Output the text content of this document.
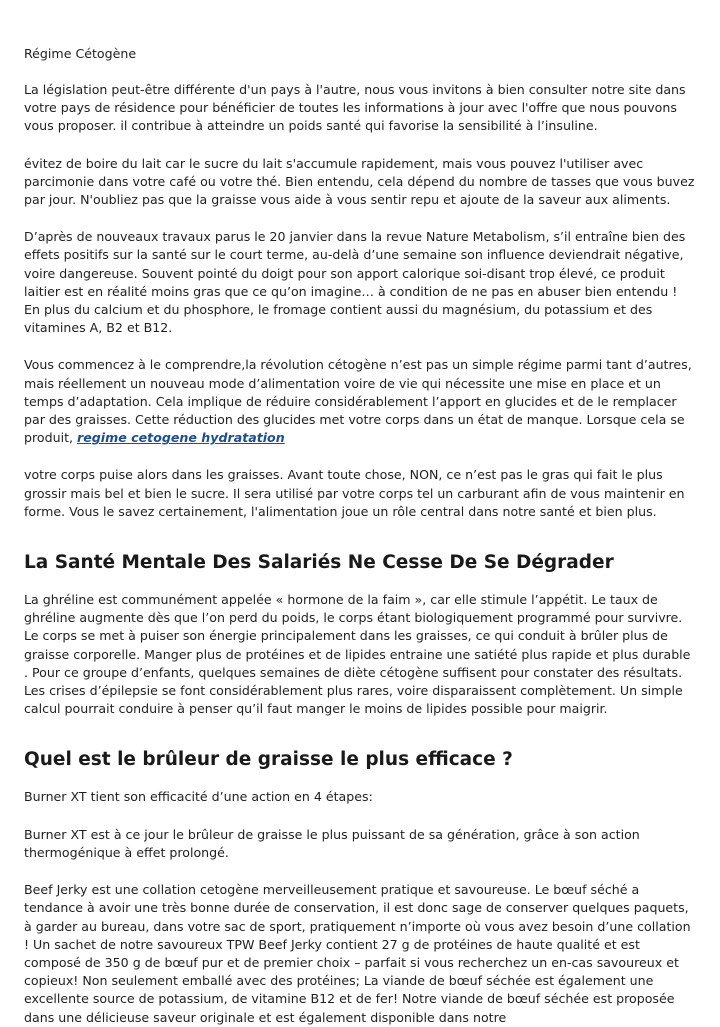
Régime Cétogène

La législation peut-être différente d'un pays à l'autre, nous vous invitons à bien consulter notre site dans votre pays de résidence pour bénéficier de toutes les informations à jour avec l'offre que nous pouvons vous proposer. il contribue à atteindre un poids santé qui favorise la sensibilité à l’insuline.

évitez de boire du lait car le sucre du lait s'accumule rapidement, mais vous pouvez l'utiliser avec parcimonie dans votre café ou votre thé. Bien entendu, cela dépend du nombre de tasses que vous buvez par jour. N'oubliez pas que la graisse vous aide à vous sentir repu et ajoute de la saveur aux aliments.

D’après de nouveaux travaux parus le 20 janvier dans la revue Nature Metabolism, s’il entraîne bien des effets positifs sur la santé sur le court terme, au-delà d’une semaine son influence deviendrait négative, voire dangereuse. Souvent pointé du doigt pour son apport calorique soi-disant trop élevé, ce produit laitier est en réalité moins gras que ce qu’on imagine… à condition de ne pas en abuser bien entendu ! En plus du calcium et du phosphore, le fromage contient aussi du magnésium, du potassium et des vitamines A, B2 et B12.

Vous commencez à le comprendre,la révolution cétogène n’est pas un simple régime parmi tant d’autres, mais réellement un nouveau mode d’alimentation voire de vie qui nécessite une mise en place et un temps d’adaptation. Cela implique de réduire considérablement l’apport en glucides et de le remplacer par des graisses. Cette réduction des glucides met votre corps dans un état de manque. Lorsque cela se produit, regime cetogene hydratation

votre corps puise alors dans les graisses. Avant toute chose, NON, ce n’est pas le gras qui fait le plus grossir mais bel et bien le sucre. Il sera utilisé par votre corps tel un carburant afin de vous maintenir en forme. Vous le savez certainement, l'alimentation joue un rôle central dans notre santé et bien plus.

La Santé Mentale Des Salariés Ne Cesse De Se Dégrader

La ghréline est communément appelée « hormone de la faim », car elle stimule l’appétit. Le taux de ghréline augmente dès que l’on perd du poids, le corps étant biologiquement programmé pour survivre. Le corps se met à puiser son énergie principalement dans les graisses, ce qui conduit à brûler plus de graisse corporelle. Manger plus de protéines et de lipides entraine une satiété plus rapide et plus durable . Pour ce groupe d’enfants, quelques semaines de diète cétogène suffisent pour constater des résultats. Les crises d’épilepsie se font considérablement plus rares, voire disparaissent complètement. Un simple calcul pourrait conduire à penser qu’il faut manger le moins de lipides possible pour maigrir.

Quel est le brûleur de graisse le plus efficace ?

Burner XT tient son efficacité d’une action en 4 étapes:

Burner XT est à ce jour le brûleur de graisse le plus puissant de sa génération, grâce à son action thermogénique à effet prolongé.

Beef Jerky est une collation cetogène merveilleusement pratique et savoureuse. Le bœuf séché a tendance à avoir une très bonne durée de conservation, il est donc sage de conserver quelques paquets, à garder au bureau, dans votre sac de sport, pratiquement n’importe où vous avez besoin d’une collation ! Un sachet de notre savoureux TPW Beef Jerky contient 27 g de protéines de haute qualité et est composé de 350 g de bœuf pur et de premier choix – parfait si vous recherchez un en-cas savoureux et copieux! Non seulement emballé avec des protéines; La viande de bœuf séchée est également une excellente source de potassium, de vitamine B12 et de fer! Notre viande de bœuf séchée est proposée dans une délicieuse saveur originale et est également disponible dans notre
